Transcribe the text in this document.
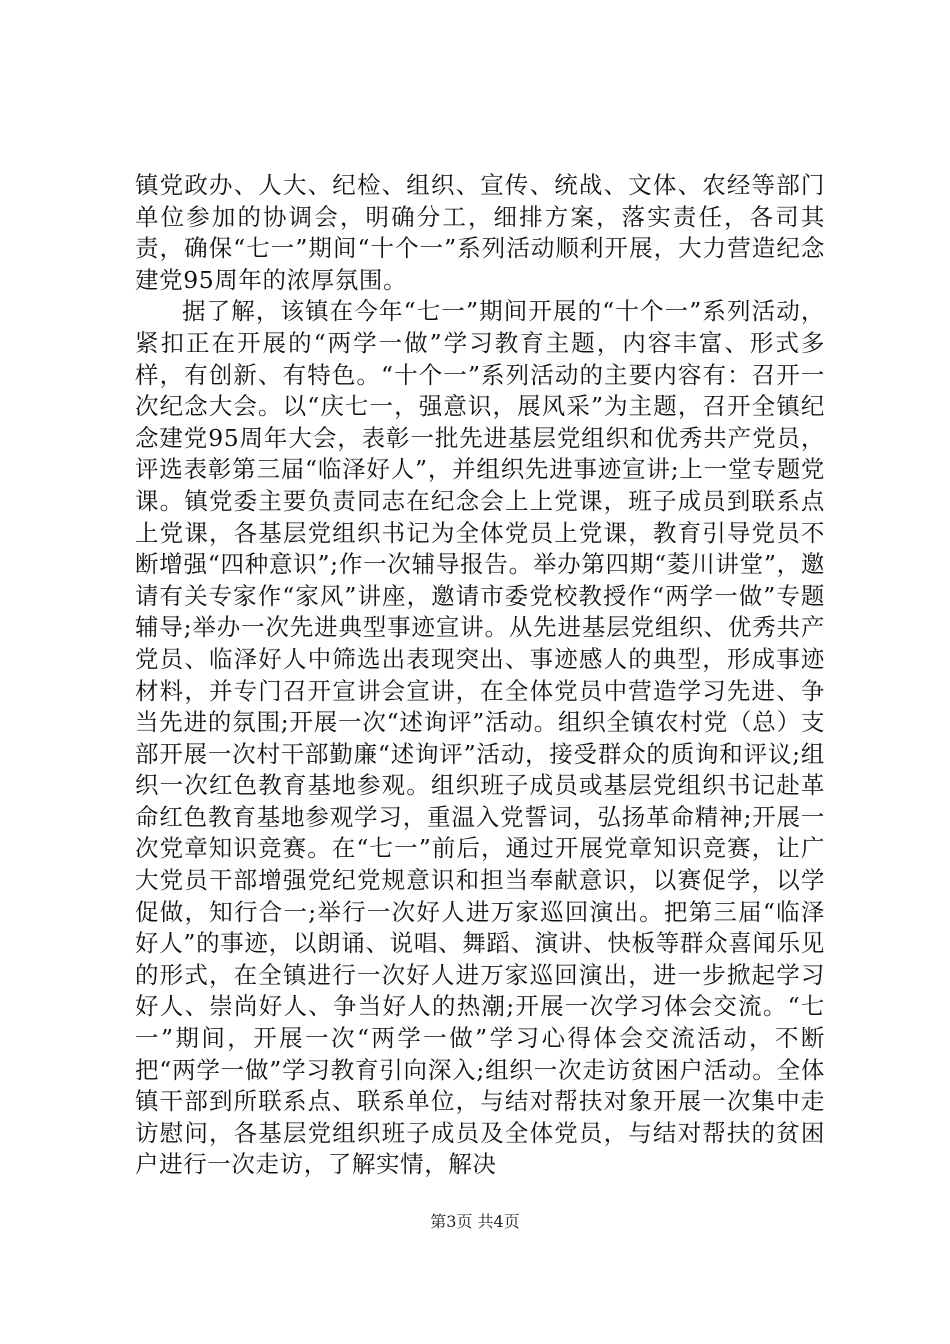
镇党政办、人大、纪检、组织、宣传、统战、文体、农经等部门单位参加的协调会，明确分工，细排方案，落实责任，各司其责，确保“七一”期间“十个一”系列活动顺利开展，大力营造纪念建党95周年的浓厚氛围。

据了解，该镇在今年“七一”期间开展的“十个一”系列活动，紧扣正在开展的“两学一做”学习教育主题，内容丰富、形式多样，有创新、有特色。“十个一”系列活动的主要内容有：召开一次纪念大会。以“庆七一，强意识，展风采”为主题，召开全镇纪念建党95周年大会，表彰一批先进基层党组织和优秀共产党员，评选表彰第三届“临泽好人”，并组织先进事迹宣讲;上一堂专题党课。镇党委主要负责同志在纪念会上上党课，班子成员到联系点上党课，各基层党组织书记为全体党员上党课，教育引导党员不断增强“四种意识”;作一次辅导报告。举办第四期“菱川讲堂”，邀请有关专家作“家风”讲座，邀请市委党校教授作“两学一做”专题辅导;举办一次先进典型事迹宣讲。从先进基层党组织、优秀共产党员、临泽好人中筛选出表现突出、事迹感人的典型，形成事迹材料，并专门召开宣讲会宣讲，在全体党员中营造学习先进、争当先进的氛围;开展一次“述询评”活动。组织全镇农村党（总）支部开展一次村干部勤廉“述询评”活动，接受群众的质询和评议;组织一次红色教育基地参观。组织班子成员或基层党组织书记赴革命红色教育基地参观学习，重温入党誓词，弘扬革命精神;开展一次党章知识竞赛。在“七一”前后，通过开展党章知识竞赛，让广大党员干部增强党纪党规意识和担当奉献意识，以赛促学，以学促做，知行合一;举行一次好人进万家巡回演出。把第三届“临泽好人”的事迹，以朗诵、说唱、舞蹈、演讲、快板等群众喜闻乐见的形式，在全镇进行一次好人进万家巡回演出，进一步掀起学习好人、崇尚好人、争当好人的热潮;开展一次学习体会交流。“七一”期间，开展一次“两学一做”学习心得体会交流活动，不断把“两学一做”学习教育引向深入;组织一次走访贫困户活动。全体镇干部到所联系点、联系单位，与结对帮扶对象开展一次集中走访慰问，各基层党组织班子成员及全体党员，与结对帮扶的贫困户进行一次走访，了解实情，解决

第3页 共4页
